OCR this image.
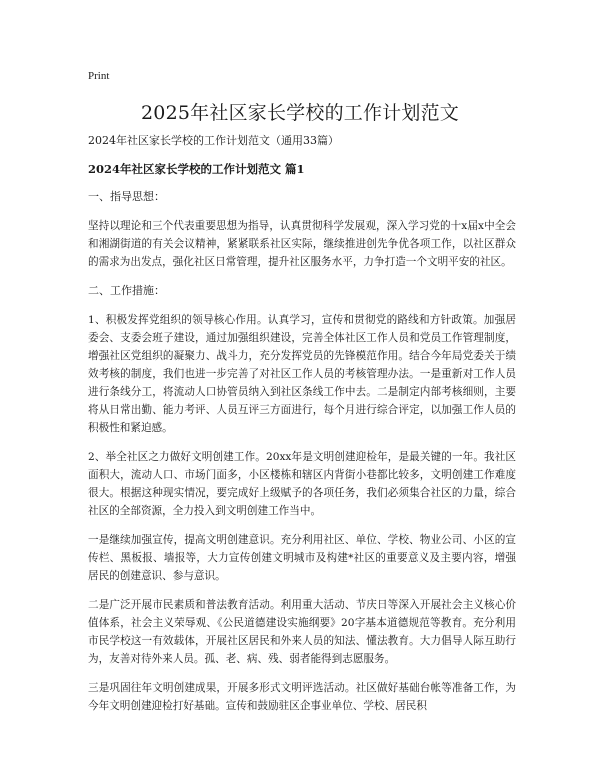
Print
2025年社区家长学校的工作计划范文
2024年社区家长学校的工作计划范文（通用33篇）
2024年社区家长学校的工作计划范文 篇1
一、指导思想：
坚持以理论和三个代表重要思想为指导，认真贯彻科学发展观，深入学习党的十x届x中全会和湘湖街道的有关会议精神，紧紧联系社区实际，继续推进创先争优各项工作，以社区群众的需求为出发点，强化社区日常管理，提升社区服务水平，力争打造一个文明平安的社区。
二、工作措施：
1、积极发挥党组织的领导核心作用。认真学习，宣传和贯彻党的路线和方针政策。加强居委会、支委会班子建设，通过加强组织建设，完善全体社区工作人员和党员工作管理制度，增强社区党组织的凝聚力、战斗力，充分发挥党员的先锋模范作用。结合今年局党委关于绩效考核的制度，我们也进一步完善了对社区工作人员的考核管理办法。一是重新对工作人员进行条线分工，将流动人口协管员纳入到社区条线工作中去。二是制定内部考核细则，主要将从日常出勤、能力考评、人员互评三方面进行，每个月进行综合评定，以加强工作人员的积极性和紧迫感。
2、举全社区之力做好文明创建工作。20xx年是文明创建迎检年，是最关键的一年。我社区面积大，流动人口、市场门面多，小区楼栋和辖区内背街小巷都比较多，文明创建工作难度很大。根据这种现实情况，要完成好上级赋予的各项任务，我们必须集合社区的力量，综合社区的全部资源，全力投入到文明创建工作当中。
一是继续加强宣传，提高文明创建意识。充分利用社区、单位、学校、物业公司、小区的宣传栏、黑板报、墙报等，大力宣传创建文明城市及构建*社区的重要意义及主要内容，增强居民的创建意识、参与意识。
二是广泛开展市民素质和普法教育活动。利用重大活动、节庆日等深入开展社会主义核心价值体系，社会主义荣辱观、《公民道德建设实施纲要》20字基本道德规范等教育。充分利用市民学校这一有效载体，开展社区居民和外来人员的知法、懂法教育。大力倡导人际互助行为，友善对待外来人员。孤、老、病、残、弱者能得到志愿服务。
三是巩固往年文明创建成果，开展多形式文明评选活动。社区做好基础台帐等准备工作，为今年文明创建迎检打好基础。宣传和鼓励驻区企事业单位、学校、居民积
